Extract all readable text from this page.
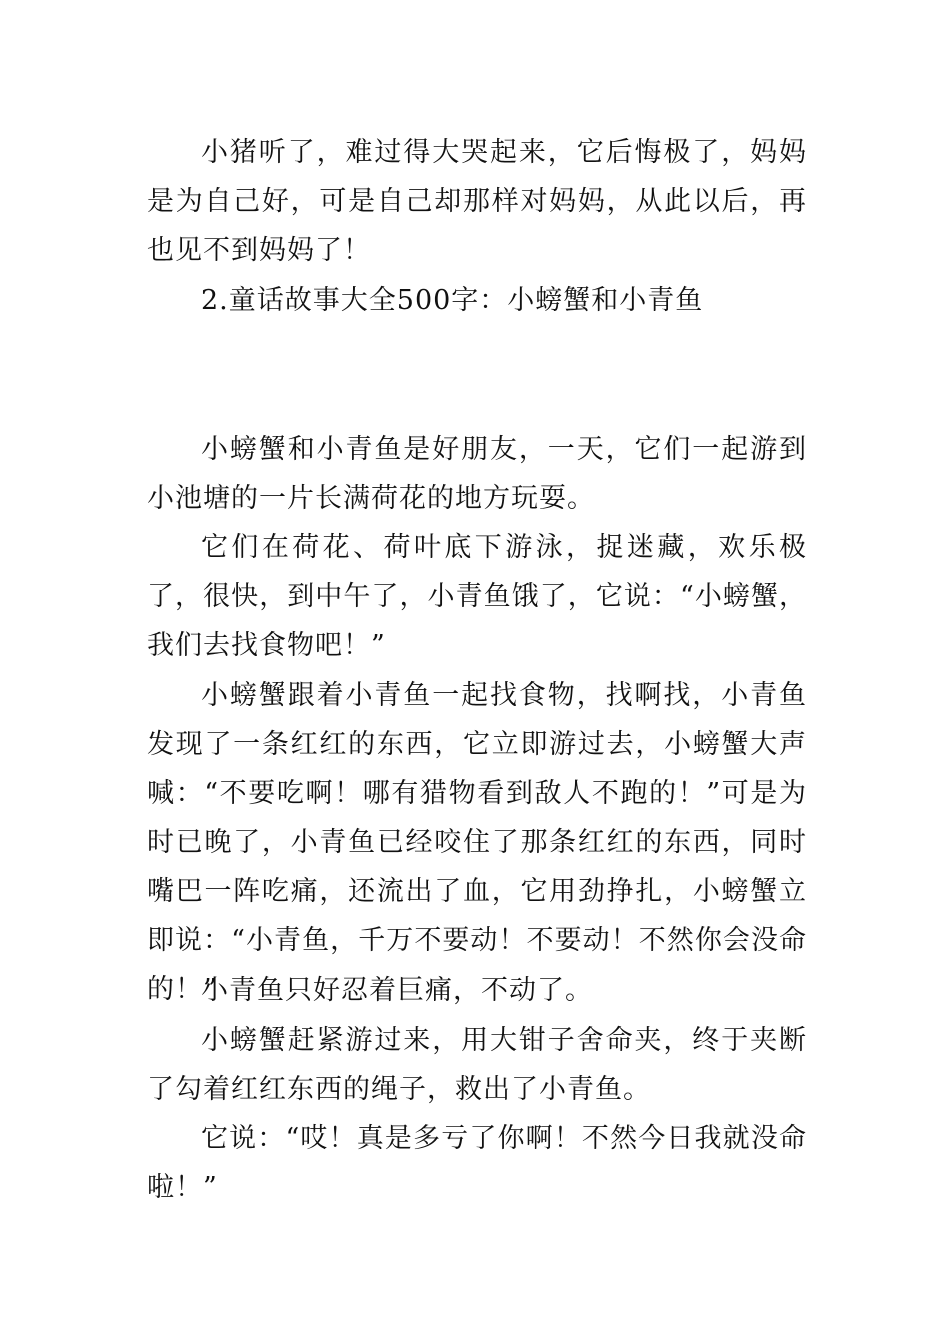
小猪听了，难过得大哭起来，它后悔极了，妈妈是为自己好，可是自己却那样对妈妈，从此以后，再也见不到妈妈了！

2.童话故事大全500字：小螃蟹和小青鱼

小螃蟹和小青鱼是好朋友，一天，它们一起游到小池塘的一片长满荷花的地方玩耍。

它们在荷花、荷叶底下游泳，捉迷藏，欢乐极了，很快，到中午了，小青鱼饿了，它说：“小螃蟹，我们去找食物吧！”

小螃蟹跟着小青鱼一起找食物，找啊找，小青鱼发现了一条红红的东西，它立即游过去，小螃蟹大声喊：“不要吃啊！哪有猎物看到敌人不跑的！”可是为时已晚了，小青鱼已经咬住了那条红红的东西，同时嘴巴一阵吃痛，还流出了血，它用劲挣扎，小螃蟹立即说：“小青鱼，千万不要动！不要动！不然你会没命的！”

小青鱼只好忍着巨痛，不动了。

小螃蟹赶紧游过来，用大钳子舍命夹，终于夹断了勾着红红东西的绳子，救出了小青鱼。

它说：“哎！真是多亏了你啊！不然今日我就没命啦！”
